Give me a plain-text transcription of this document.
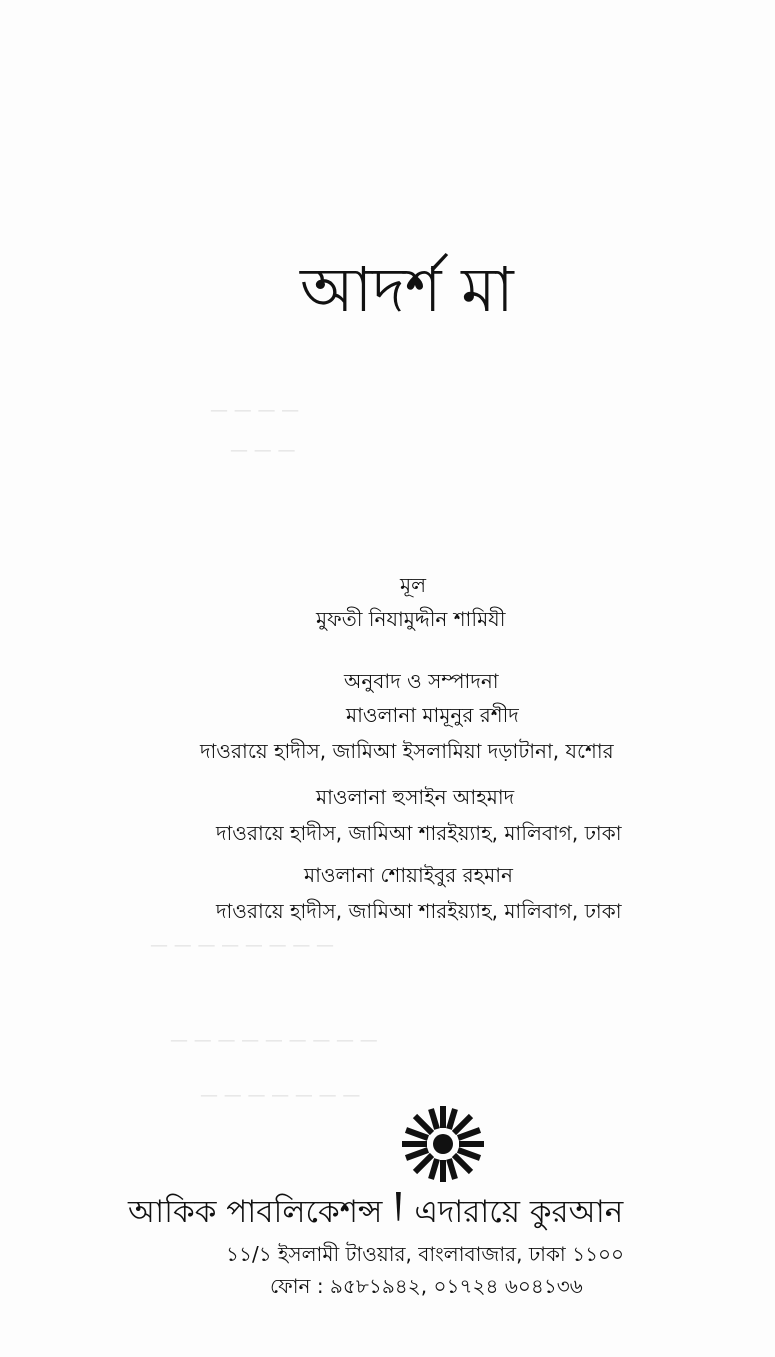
— — — —
— — —
— — — — — — — —
— — — — — — — — —
— — — — — — —
আদর্শ মা
মূল
মুফতী নিযামুদ্দীন শামিযী
অনুবাদ ও সম্পাদনা
মাওলানা মামূনুর রশীদ
দাওরায়ে হাদীস, জামিআ ইসলামিয়া দড়াটানা, যশোর
মাওলানা হুসাইন আহমাদ
দাওরায়ে হাদীস, জামিআ শারইয়্যাহ, মালিবাগ, ঢাকা
মাওলানা শোয়াইবুর রহমান
দাওরায়ে হাদীস, জামিআ শারইয়্যাহ, মালিবাগ, ঢাকা
আকিক পাবলিকেশন্স এদারায়ে কুরআন
১১/১ ইসলামী টাওয়ার, বাংলাবাজার, ঢাকা ১১০০
ফোন : ৯৫৮১৯৪২, ০১৭২৪ ৬০৪১৩৬
